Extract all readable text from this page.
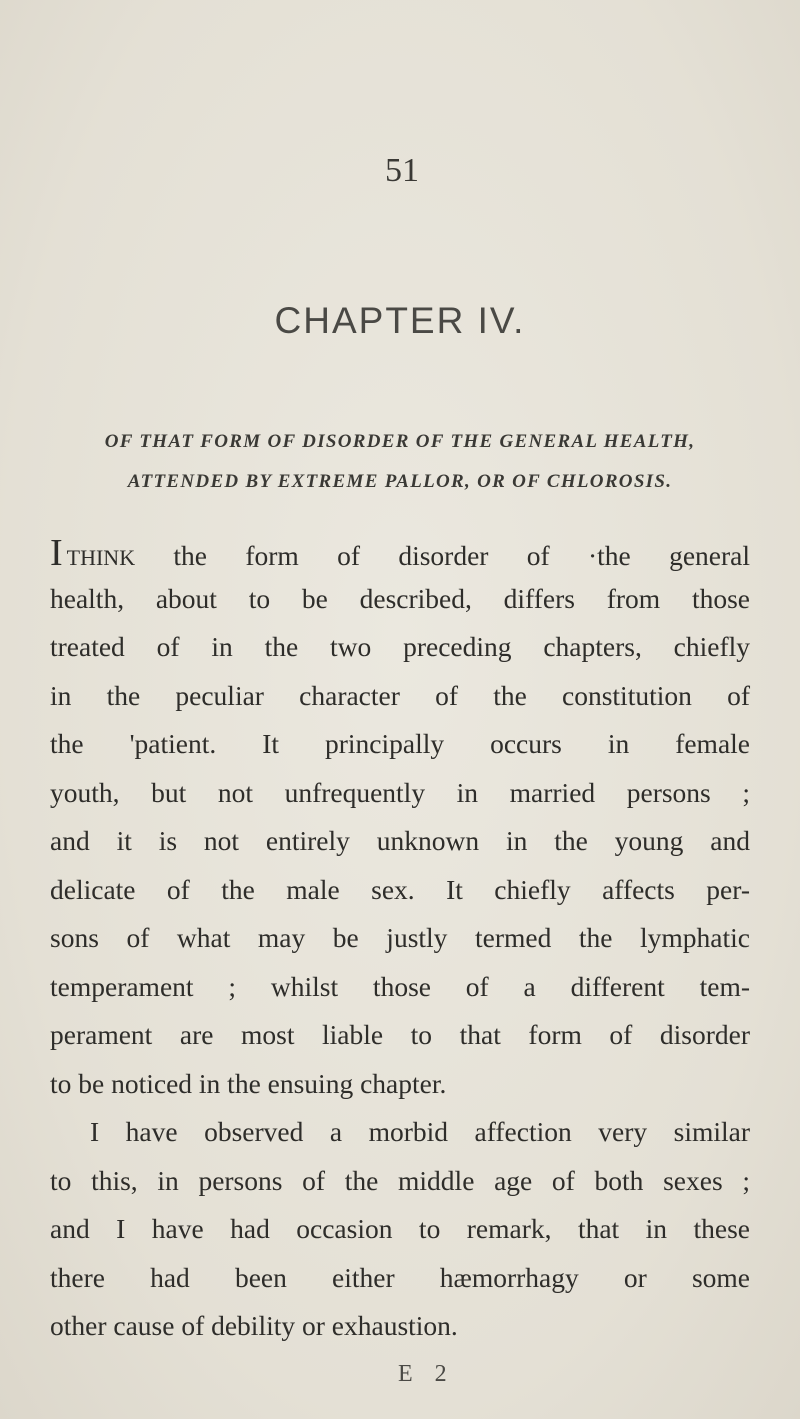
51
CHAPTER IV.
OF THAT FORM OF DISORDER OF THE GENERAL HEALTH,
ATTENDED BY EXTREME PALLOR, OR OF CHLOROSIS.
ITHINK the form of disorder of ·the general
health, about to be described, differs from those
treated of in the two preceding chapters, chiefly
in the peculiar character of the constitution of
the 'patient. It principally occurs in female
youth, but not unfrequently in married persons ;
and it is not entirely unknown in the young and
delicate of the male sex. It chiefly affects per-
sons of what may be justly termed the lymphatic
temperament ; whilst those of a different tem-
perament are most liable to that form of disorder
to be noticed in the ensuing chapter.
I have observed a morbid affection very similar
to this, in persons of the middle age of both sexes ;
and I have had occasion to remark, that in these
there had been either hæmorrhagy or some
other cause of debility or exhaustion.
E 2
